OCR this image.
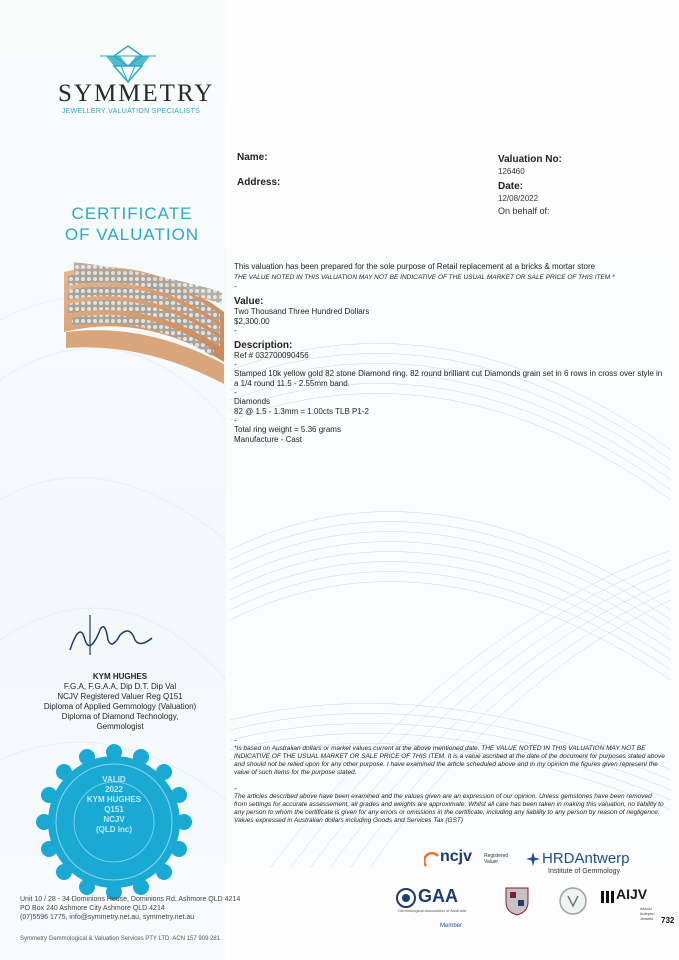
SYMMETRY
JEWELLERY VALUATION SPECIALISTS
CERTIFICATE
OF VALUATION
KYM HUGHES
F.G.A, F.G.A.A, Dip D.T. Dip Val
NCJV Registered Valuer Reg Q151
Diploma of Applied Gemmology (Valuation)
Diploma of Diamond Technology,
Gemmologist
VALID
2022
KYM HUGHES
Q151
NCJV
(QLD Inc)
Unit 10 / 28 - 34 Dominions House, Dominions Rd, Ashmore QLD 4214
PO Box 240 Ashmore City Ashmore QLD 4214
(07)5596 1775, info@symmetry.net.au, symmetry.net.au
Name:
Address:
Valuation No:
126460
Date:
12/08/2022
On behalf of:
This valuation has been prepared for the sole purpose of Retail replacement at a bricks & mortar store
THE VALUE NOTED IN THIS VALUATION MAY NOT BE INDICATIVE OF THE USUAL MARKET OR SALE PRICE OF THIS ITEM *
-
Value:
Two Thousand Three Hundred Dollars
$2,300.00
-
Description:
Ref # 032700090456
-
Stamped 10k yellow gold 82 stone Diamond ring. 82 round brilliant cut Diamonds grain set in 6 rows in cross over style in a 1/4 round 11.5 - 2.55mm band.
-
Diamonds
82 @ 1.5 - 1.3mm = 1.00cts TLB P1-2
-
Total ring weight = 5.36 grams
Manufacture - Cast
-

*Is based on Australian dollars or market values current at the above mentioned date. THE VALUE NOTED IN THIS VALUATION MAY NOT BE INDICATIVE OF THE USUAL MARKET OR SALE PRICE OF THIS ITEM. It is a value ascribed at the date of the document for purposes stated above and should not be relied upon for any other purpose. I have examined the article scheduled above and in my opinion the figures given represent the value of such items for the purpose stated.

-

The articles described above have been examined and the values given are an expression of our opinion. Unless gemstones have been removed from settings for accurate assessement, all grades and weights are approximate. Whilst all care has been taken in making this valuation, no liability to any person to whom the certificate is given for any errors or omissions in the certificate, including any liability to any person by reason of negligence. Values expressed in Australian dollars including Goods and Services Tax (GST)

ncjv Registered
Valuer	HRDAntwerp
Institute of Gemmology
GAA
Gemmological Association of Australia
Member
AIJV
Associ
Indepen
Jewelle 732
Symmetry Gemmological & Valuation Services PTY LTD. ACN 157 909 281
